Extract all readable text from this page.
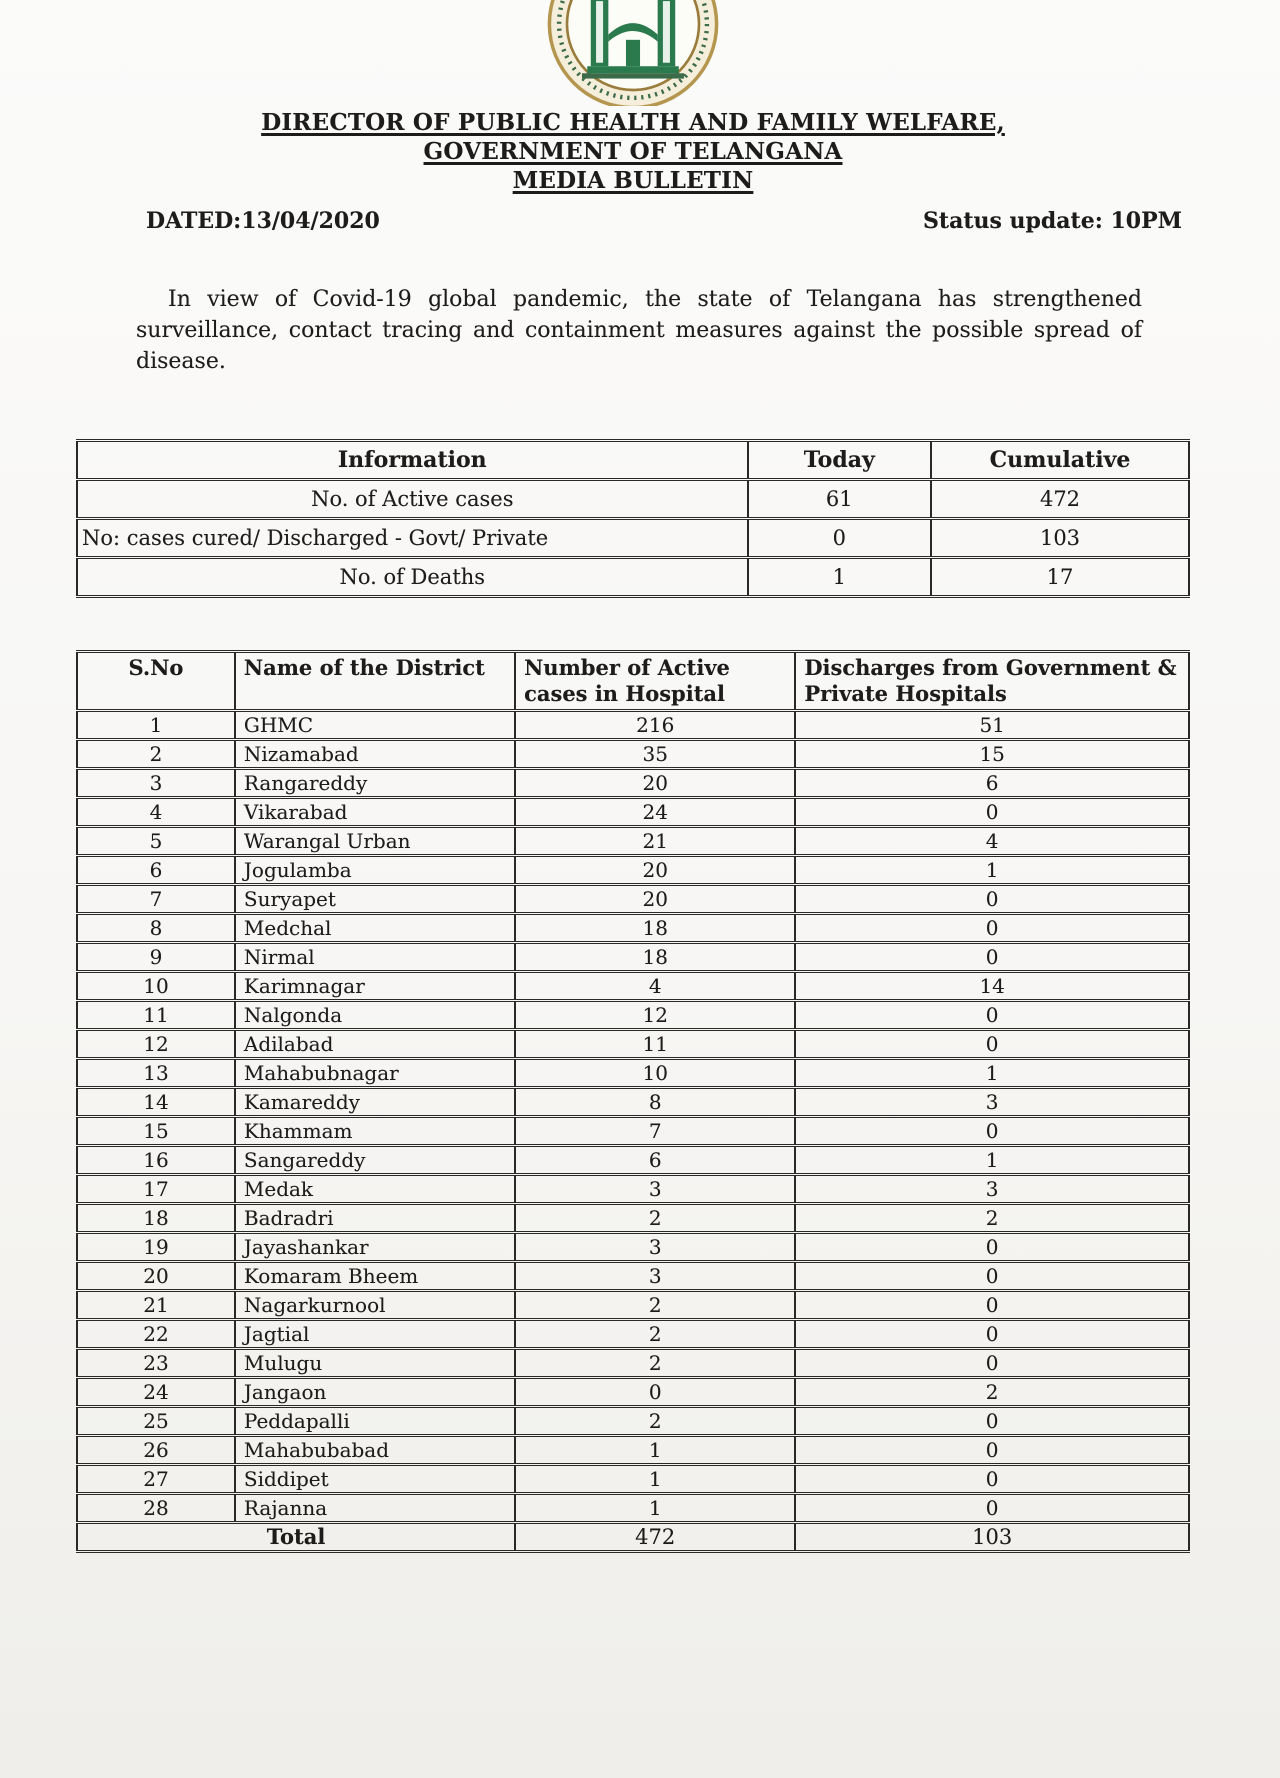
DIRECTOR OF PUBLIC HEALTH AND FAMILY WELFARE,
GOVERNMENT OF TELANGANA
MEDIA BULLETIN
DATED:13/04/2020	Status update: 10PM

In view of Covid-19 global pandemic, the state of Telangana has strengthened surveillance, contact tracing and containment measures against the possible spread of disease.

Information	Today	Cumulative
No. of Active cases	61	472
No: cases cured/ Discharged - Govt/ Private	0	103
No. of Deaths	1	17
S.No	Name of the District	Number of Active cases in Hospital	Discharges from Government & Private Hospitals
1	GHMC	216	51
2	Nizamabad	35	15
3	Rangareddy	20	6
4	Vikarabad	24	0
5	Warangal Urban	21	4
6	Jogulamba	20	1
7	Suryapet	20	0
8	Medchal	18	0
9	Nirmal	18	0
10	Karimnagar	4	14
11	Nalgonda	12	0
12	Adilabad	11	0
13	Mahabubnagar	10	1
14	Kamareddy	8	3
15	Khammam	7	0
16	Sangareddy	6	1
17	Medak	3	3
18	Badradri	2	2
19	Jayashankar	3	0
20	Komaram Bheem	3	0
21	Nagarkurnool	2	0
22	Jagtial	2	0
23	Mulugu	2	0
24	Jangaon	0	2
25	Peddapalli	2	0
26	Mahabubabad	1	0
27	Siddipet	1	0
28	Rajanna	1	0
Total		472	103
